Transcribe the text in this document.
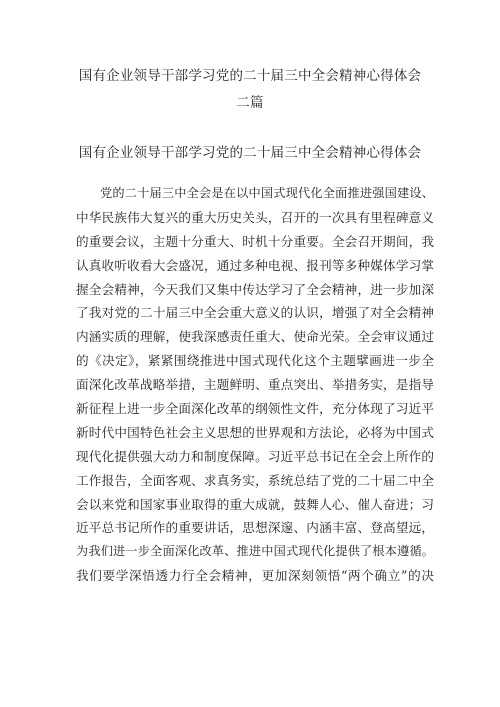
国有企业领导干部学习党的二十届三中全会精神心得体会
二篇
国有企业领导干部学习党的二十届三中全会精神心得体会
党的二十届三中全会是在以中国式现代化全面推进强国建设、
中华民族伟大复兴的重大历史关头，召开的一次具有里程碑意义
的重要会议，主题十分重大、时机十分重要。全会召开期间，我
认真收听收看大会盛况，通过多种电视、报刊等多种媒体学习掌
握全会精神，今天我们又集中传达学习了全会精神，进一步加深
了我对党的二十届三中全会重大意义的认识，增强了对全会精神
内涵实质的理解，使我深感责任重大、使命光荣。全会审议通过
的《决定》，紧紧围绕推进中国式现代化这个主题擘画进一步全
面深化改革战略举措，主题鲜明、重点突出、举措务实，是指导
新征程上进一步全面深化改革的纲领性文件，充分体现了习近平
新时代中国特色社会主义思想的世界观和方法论，必将为中国式
现代化提供强大动力和制度保障。习近平总书记在全会上所作的
工作报告，全面客观、求真务实，系统总结了党的二十届二中全
会以来党和国家事业取得的重大成就，鼓舞人心、催人奋进；习
近平总书记所作的重要讲话，思想深邃、内涵丰富、登高望远，
为我们进一步全面深化改革、推进中国式现代化提供了根本遵循。
我们要学深悟透力行全会精神，更加深刻领悟“两个确立”的决
